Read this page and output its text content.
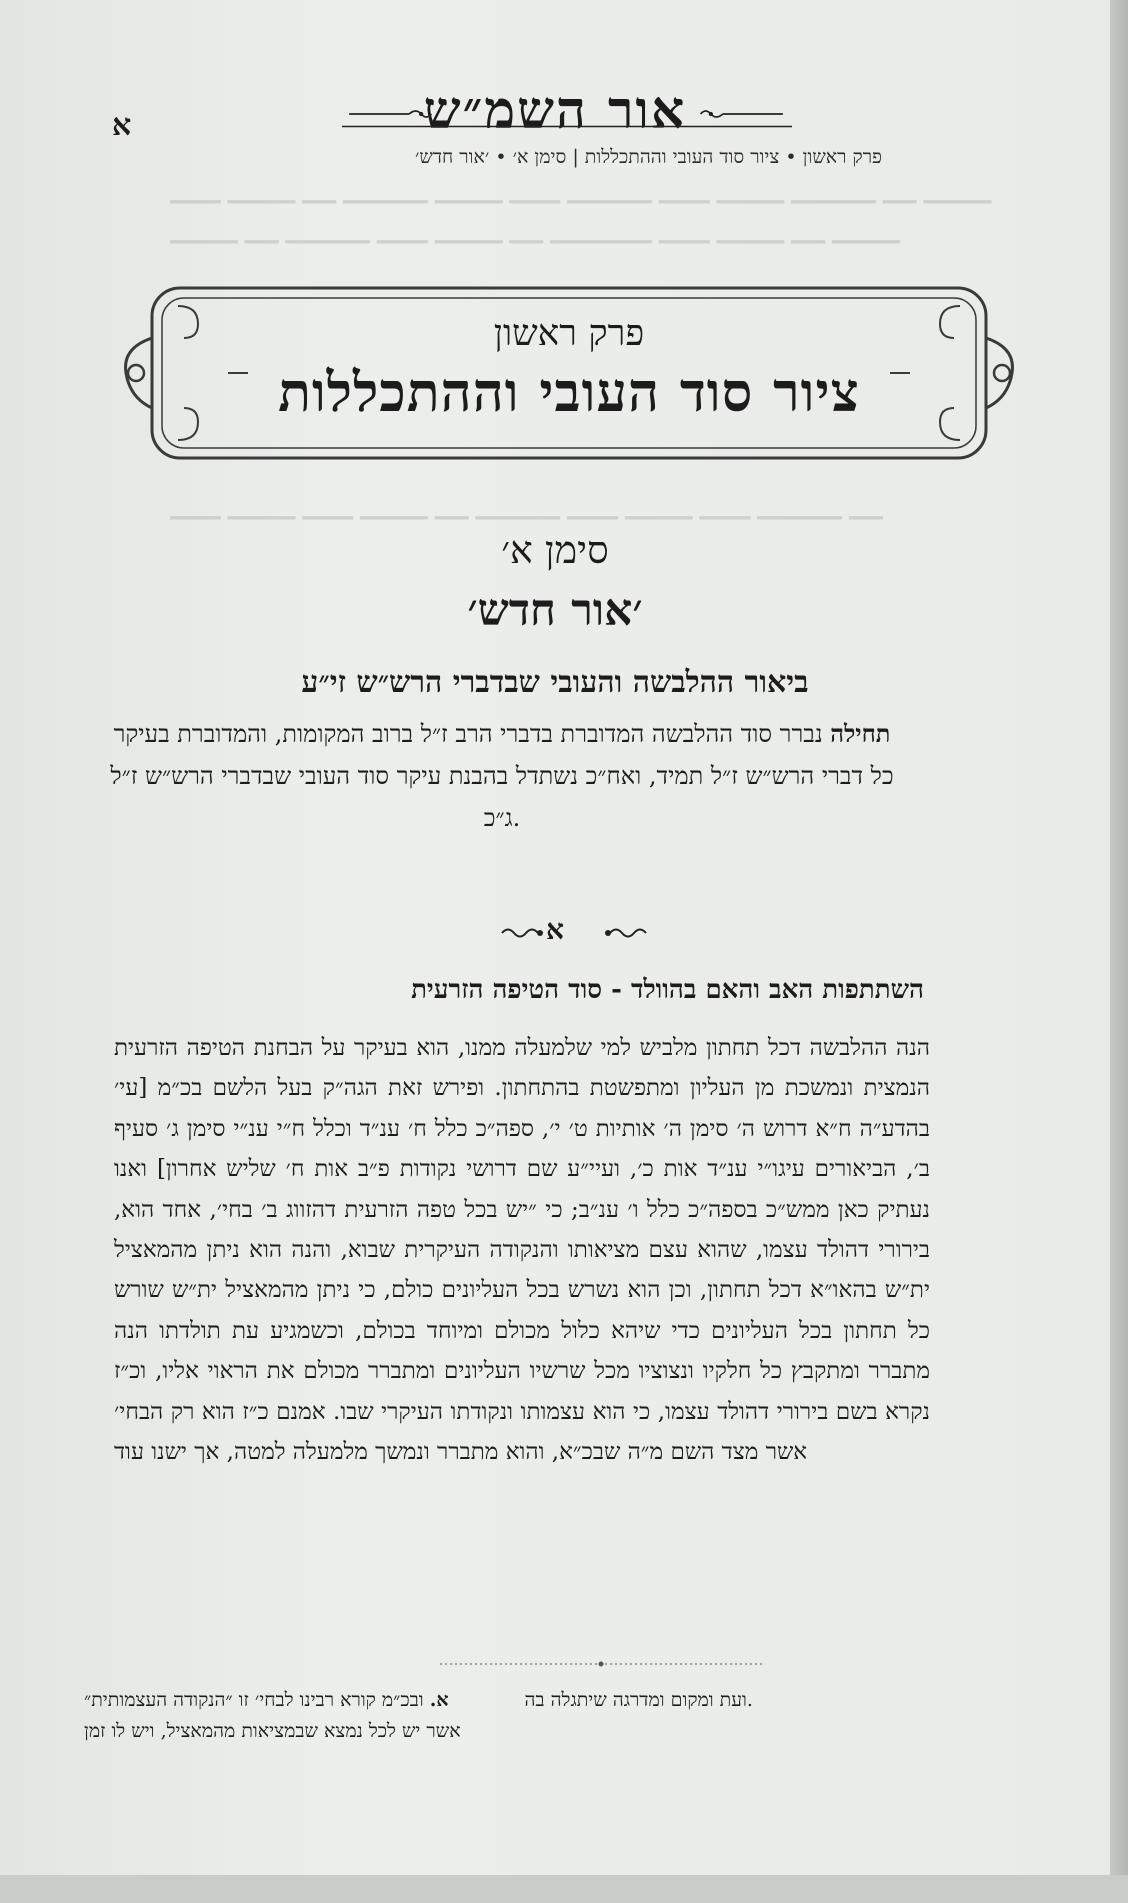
▁▁▁ ▁▁▁▁ ▁▁ ▁▁▁▁▁ ▁▁▁▁ ▁▁▁ ▁▁▁▁▁ ▁▁▁ ▁▁▁▁ ▁▁▁▁▁ ▁▁ ▁▁▁▁
▁▁▁▁ ▁▁ ▁▁▁▁▁ ▁▁▁ ▁▁▁▁ ▁▁ ▁▁▁▁▁▁ ▁▁▁ ▁▁▁▁ ▁▁ ▁▁▁▁
▁▁▁ ▁▁▁▁ ▁▁▁ ▁▁▁▁ ▁▁ ▁▁▁▁▁ ▁▁▁ ▁▁▁▁ ▁▁▁ ▁▁▁▁▁ ▁▁
אור השמ״ש
א
פרק ראשון • ציור סוד העובי וההתכללות | סימן א׳ • ׳אור חדש׳
פרק ראשון
ציור סוד העובי וההתכללות
סימן א׳
׳אור חדש׳
ביאור ההלבשה והעובי שבדברי הרש״ש זי״ע
תחילה נברר סוד ההלבשה המדוברת בדברי הרב ז״ל ברוב המקומות, והמדוברת בעיקר כל דברי הרש״ש ז״ל תמיד, ואח״כ נשתדל בהבנת עיקר סוד העובי שבדברי הרש״ש ז״ל ג״כ.
א
השתתפות האב והאם בהוולד - סוד הטיפה הזרעית

הנה ההלבשה דכל תחתון מלביש למי שלמעלה ממנו, הוא בעיקר על הבחנת הטיפה הזרעית הנמצית ונמשכת מן העליון ומתפשטת בהתחתון. ופירש זאת הגה״ק בעל הלשם בכ״מ [עי׳ בהדע״ה ח״א דרוש ה׳ סימן ה׳ אותיות ט׳ י׳, ספה״כ כלל ח׳ ענ״ד וכלל ח״י ענ״י סימן ג׳ סעיף ב׳, הביאורים עיגו״י ענ״ד אות כ׳, ועיי״ע שם דרושי נקודות פ״ב אות ח׳ שליש אחרון] ואנו נעתיק כאן ממש״כ בספה״כ כלל ו׳ ענ״ב; כי ״יש בכל טפה הזרעית דהזווג ב׳ בחי׳, אחד הוא, בירורי דהולד עצמו, שהוא עצם מציאותו והנקודה העיקרית שבוא, והנה הוא ניתן מהמאציל ית״ש בהאו״א דכל תחתון, וכן הוא נשרש בכל העליונים כולם, כי ניתן מהמאציל ית״ש שורש כל תחתון בכל העליונים כדי שיהא כלול מכולם ומיוחד בכולם, וכשמגיע עת תולדתו הנה מתברר ומתקבץ כל חלקיו ונצוציו מכל שרשיו העליונים ומתברר מכולם את הראוי אליו, וכ״ז נקרא בשם בירורי דהולד עצמו, כי הוא עצמותו ונקודתו העיקרי שבו. אמנם כ״ז הוא רק הבחי׳ אשר מצד השם מ״ה שבכ״א, והוא מתברר ונמשך מלמעלה למטה, אך ישנו עוד

א. ובכ״מ קורא רבינו לבחי׳ זו ״הנקודה העצמותית״ אשר יש לכל נמצא שבמציאות מהמאציל, ויש לו זמן ועת ומקום ומדרגה שיתגלה בה.
